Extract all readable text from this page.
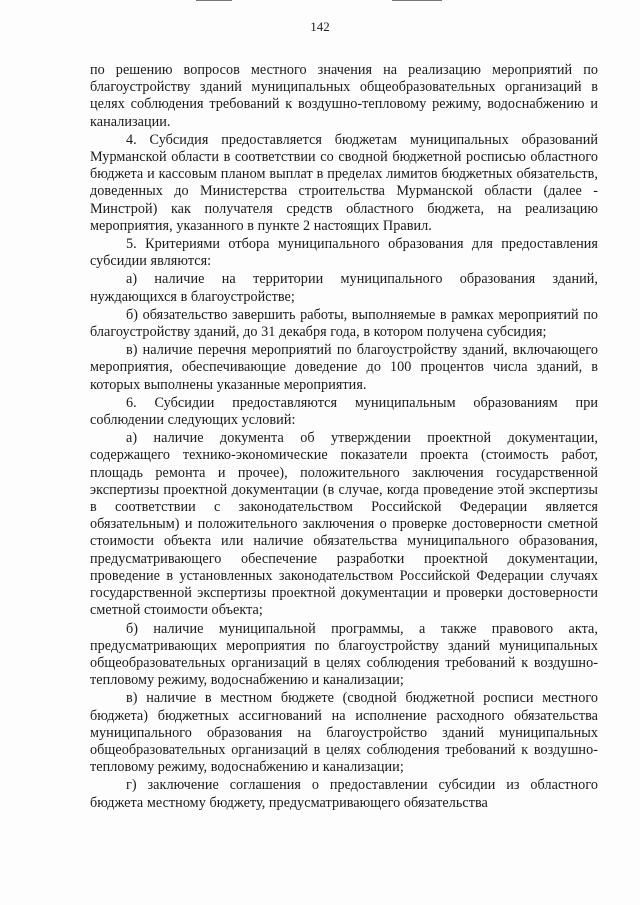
142

по решению вопросов местного значения на реализацию мероприятий по благоустройству зданий муниципальных общеобразовательных организаций в целях соблюдения требований к воздушно-тепловому режиму, водоснабжению и канализации.

4. Субсидия предоставляется бюджетам муниципальных образований Мурманской области в соответствии со сводной бюджетной росписью областного бюджета и кассовым планом выплат в пределах лимитов бюджетных обязательств, доведенных до Министерства строительства Мурманской области (далее - Минстрой) как получателя средств областного бюджета, на реализацию мероприятия, указанного в пункте 2 настоящих Правил.

5. Критериями отбора муниципального образования для предоставления субсидии являются:

а) наличие на территории муниципального образования зданий, нуждающихся в благоустройстве;

б) обязательство завершить работы, выполняемые в рамках мероприятий по благоустройству зданий, до 31 декабря года, в котором получена субсидия;

в) наличие перечня мероприятий по благоустройству зданий, включающего мероприятия, обеспечивающие доведение до 100 процентов числа зданий, в которых выполнены указанные мероприятия.

6. Субсидии предоставляются муниципальным образованиям при соблюдении следующих условий:

а) наличие документа об утверждении проектной документации, содержащего технико-экономические показатели проекта (стоимость работ, площадь ремонта и прочее), положительного заключения государственной экспертизы проектной документации (в случае, когда проведение этой экспертизы в соответствии с законодательством Российской Федерации является обязательным) и положительного заключения о проверке достоверности сметной стоимости объекта или наличие обязательства муниципального образования, предусматривающего обеспечение разработки проектной документации, проведение в установленных законодательством Российской Федерации случаях государственной экспертизы проектной документации и проверки достоверности сметной стоимости объекта;

б) наличие муниципальной программы, а также правового акта, предусматривающих мероприятия по благоустройству зданий муниципальных общеобразовательных организаций в целях соблюдения требований к воздушно-тепловому режиму, водоснабжению и канализации;

в) наличие в местном бюджете (сводной бюджетной росписи местного бюджета) бюджетных ассигнований на исполнение расходного обязательства муниципального образования на благоустройство зданий муниципальных общеобразовательных организаций в целях соблюдения требований к воздушно-тепловому режиму, водоснабжению и канализации;

г) заключение соглашения о предоставлении субсидии из областного бюджета местному бюджету, предусматривающего обязательства
